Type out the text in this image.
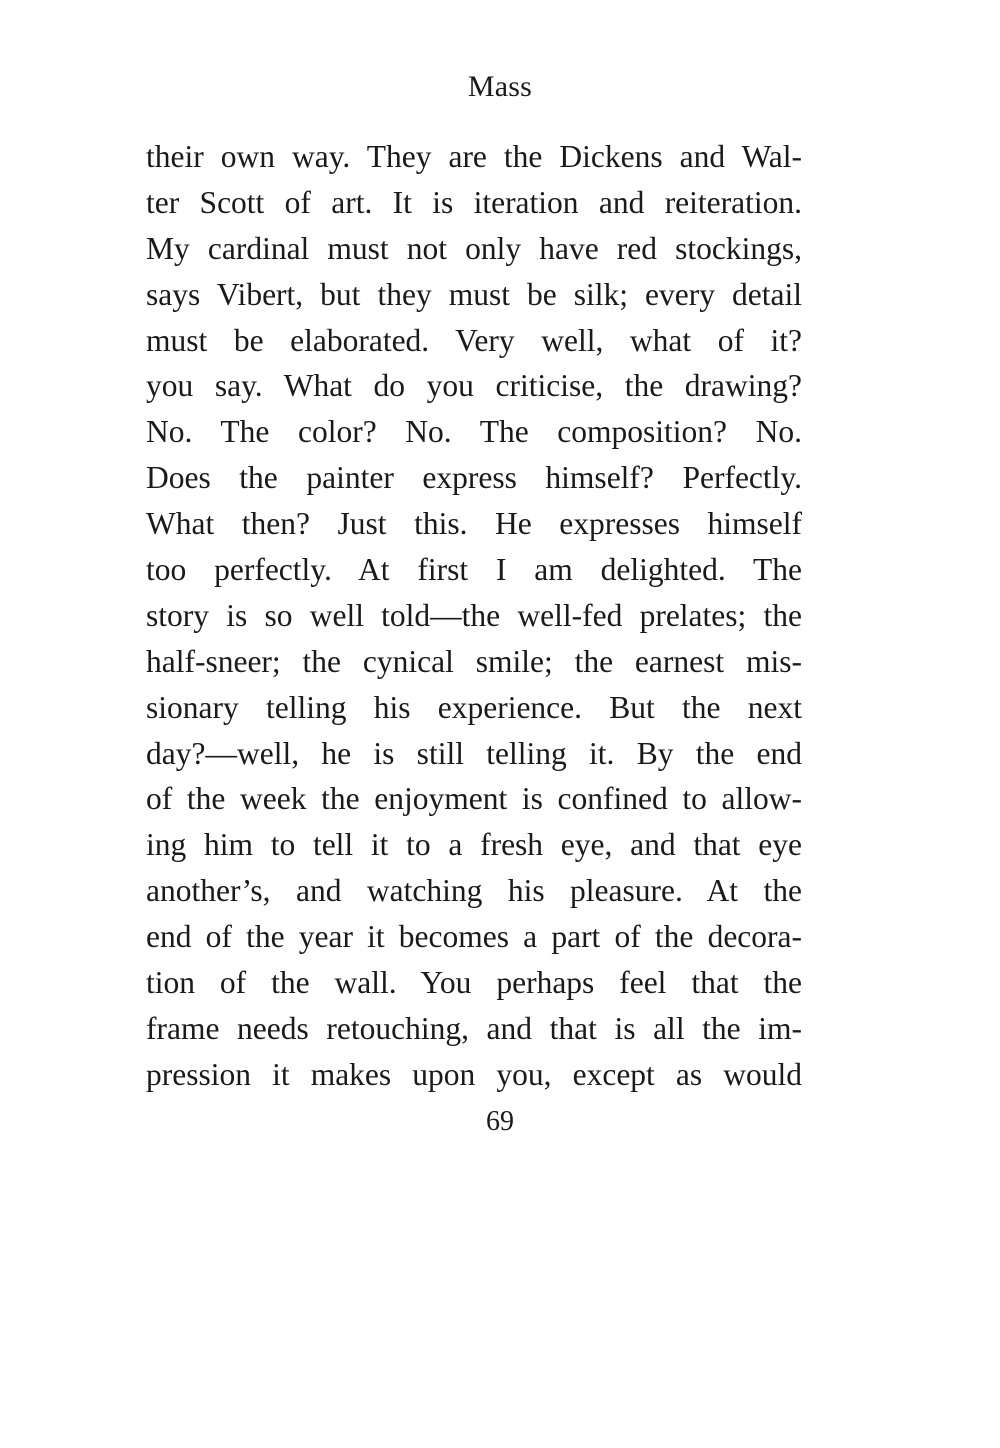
Mass
their own way. They are the Dickens and Wal-
ter Scott of art. It is iteration and reiteration.
My cardinal must not only have red stockings,
says Vibert, but they must be silk; every detail
must be elaborated. Very well, what of it?
you say. What do you criticise, the drawing?
No. The color? No. The composition? No.
Does the painter express himself? Perfectly.
What then? Just this. He expresses himself
too perfectly. At first I am delighted. The
story is so well told—the well-fed prelates; the
half-sneer; the cynical smile; the earnest mis-
sionary telling his experience. But the next
day?—well, he is still telling it. By the end
of the week the enjoyment is confined to allow-
ing him to tell it to a fresh eye, and that eye
another’s, and watching his pleasure. At the
end of the year it becomes a part of the decora-
tion of the wall. You perhaps feel that the
frame needs retouching, and that is all the im-
pression it makes upon you, except as would
69
